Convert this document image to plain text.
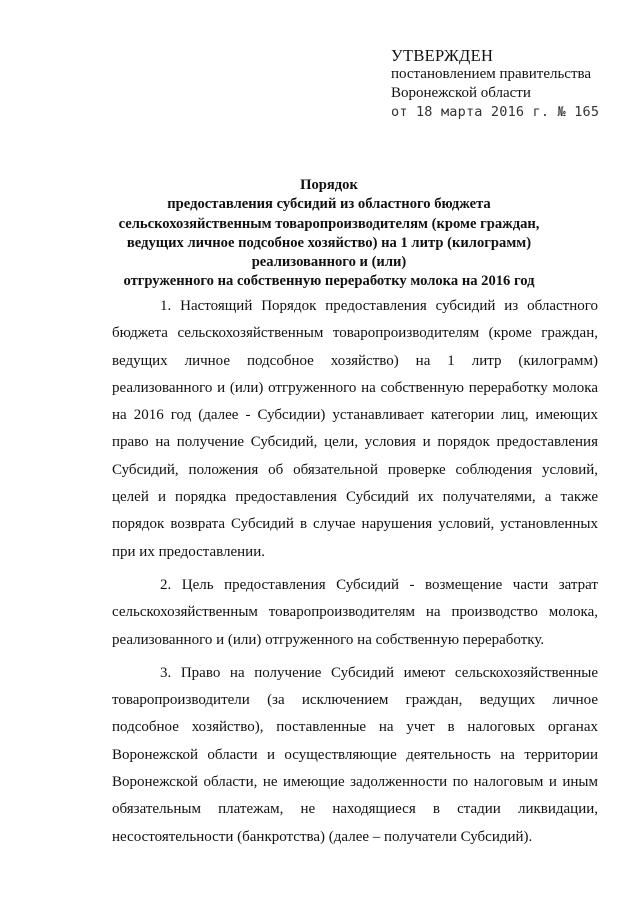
УТВЕРЖДЕН
постановлением правительства
Воронежской области
от 18 марта 2016 г. № 165
Порядок
предоставления субсидий из областного бюджета
сельскохозяйственным товаропроизводителям (кроме граждан,
ведущих личное подсобное хозяйство) на 1 литр (килограмм)
реализованного и (или)
отгруженного на собственную переработку молока на 2016 год

1. Настоящий Порядок предоставления субсидий из областного бюджета сельскохозяйственным товаропроизводителям (кроме граждан, ведущих личное подсобное хозяйство) на 1 литр (килограмм) реализованного и (или) отгруженного на собственную переработку молока на 2016 год (далее - Субсидии) устанавливает категории лиц, имеющих право на получение Субсидий, цели, условия и порядок предоставления Субсидий, положения об обязательной проверке соблюдения условий, целей и порядка предоставления Субсидий их получателями, а также порядок возврата Субсидий в случае нарушения условий, установленных при их предоставлении.

2. Цель предоставления Субсидий - возмещение части затрат сельскохозяйственным товаропроизводителям на производство молока, реализованного и (или) отгруженного на собственную переработку.

3. Право на получение Субсидий имеют сельскохозяйственные товаропроизводители (за исключением граждан, ведущих личное подсобное хозяйство), поставленные на учет в налоговых органах Воронежской области и осуществляющие деятельность на территории Воронежской области, не имеющие задолженности по налоговым и иным обязательным платежам, не находящиеся в стадии ликвидации, несостоятельности (банкротства) (далее – получатели Субсидий).
